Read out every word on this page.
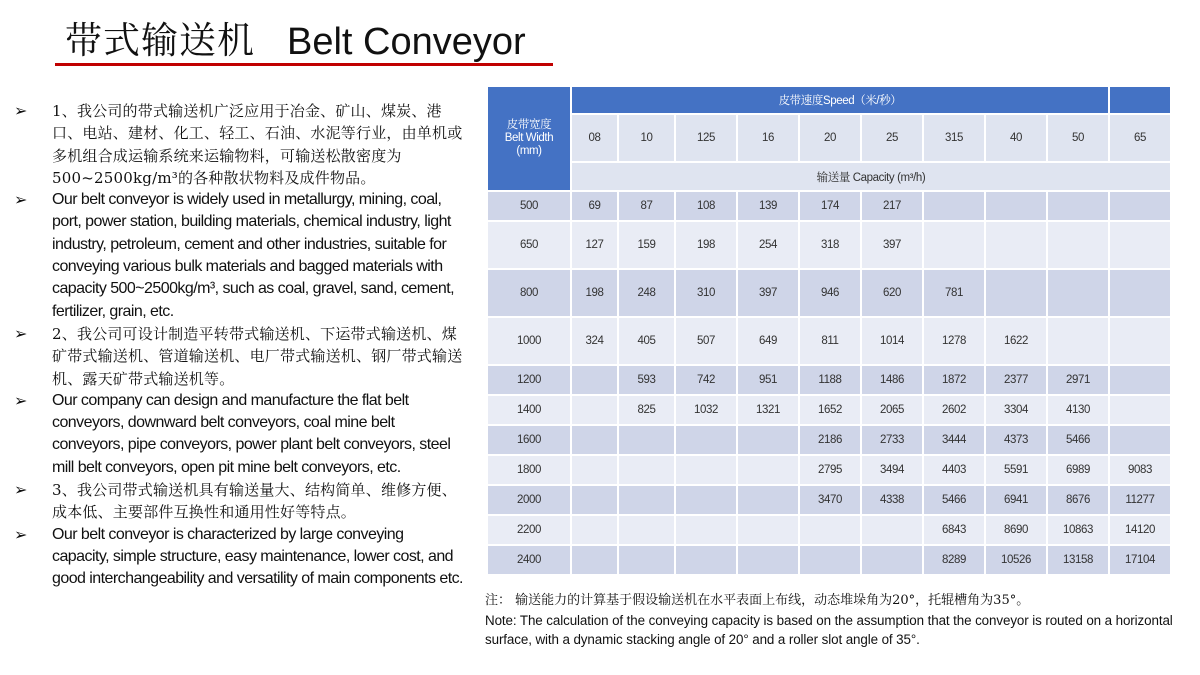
带式输送机 Belt Conveyor
➢ 1、我公司的带式输送机广泛应用于冶金、矿山、煤炭、港口、电站、建材、化工、轻工、石油、水泥等行业，由单机或多机组合成运输系统来运输物料，可输送松散密度为500~2500kg/m³的各种散状物料及成件物品。
➢ Our belt conveyor is widely used in metallurgy, mining, coal, port, power station, building materials, chemical industry, light industry, petroleum, cement and other industries, suitable for conveying various bulk materials and bagged materials with capacity 500~2500kg/m³, such as coal, gravel, sand, cement, fertilizer, grain, etc.
➢ 2、我公司可设计制造平转带式输送机、下运带式输送机、煤矿带式输送机、管道输送机、电厂带式输送机、钢厂带式输送机、露天矿带式输送机等。
➢ Our company can design and manufacture the flat belt conveyors, downward belt conveyors, coal mine belt conveyors, pipe conveyors, power plant belt conveyors, steel mill belt conveyors, open pit mine belt conveyors, etc.
➢ 3、我公司带式输送机具有输送量大、结构简单、维修方便、成本低、主要部件互换性和通用性好等特点。
➢ Our belt conveyor is characterized by large conveying capacity, simple structure, easy maintenance, lower cost, and good interchangeability and versatility of main components etc.
皮带宽度
Belt Width
(mm)	皮带速度Speed（米/秒）									
	08	10	125	16	20	25	315	40	50	65
	输送量 Capacity (m³/h)									
500	69	87	108	139	174	217				
650	127	159	198	254	318	397				
800	198	248	310	397	946	620	781			
1000	324	405	507	649	811	1014	1278	1622		
1200		593	742	951	1188	1486	1872	2377	2971	
1400		825	1032	1321	1652	2065	2602	3304	4130	
1600					2186	2733	3444	4373	5466	
1800					2795	3494	4403	5591	6989	9083
2000					3470	4338	5466	6941	8676	11277
2200							6843	8690	10863	14120
2400							8289	10526	13158	17104
注： 输送能力的计算基于假设输送机在水平表面上布线，动态堆垛角为20°，托辊槽角为35°。
Note: The calculation of the conveying capacity is based on the assumption that the conveyor is routed on a horizontal surface, with a dynamic stacking angle of 20° and a roller slot angle of 35°.
